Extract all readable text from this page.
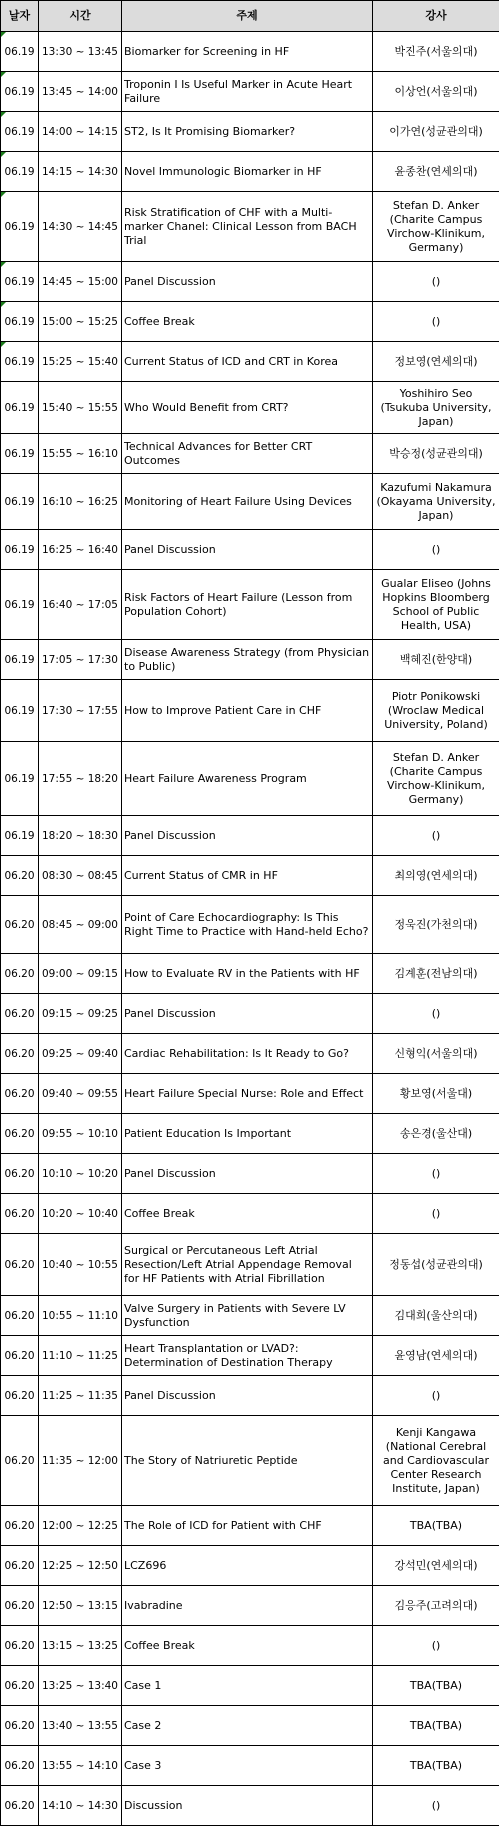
날자	시간	주제	강사

06.19	13:30 ~ 13:45	Biomarker for Screening in HF	박진주(서울의대)

06.19	13:45 ~ 14:00	Troponin I Is Useful Marker in Acute Heart Failure	이상언(서울의대)

06.19	14:00 ~ 14:15	ST2, Is It Promising Biomarker?	이가연(성균관의대)

06.19	14:15 ~ 14:30	Novel Immunologic Biomarker in HF	윤종찬(연세의대)

06.19	14:30 ~ 14:45	Risk Stratification of CHF with a Multi-marker Chanel: Clinical Lesson from BACH Trial	Stefan D. Anker (Charite Campus Virchow-Klinikum, Germany)

06.19	14:45 ~ 15:00	Panel Discussion	()

06.19	15:00 ~ 15:25	Coffee Break	()

06.19	15:25 ~ 15:40	Current Status of ICD and CRT in Korea	정보영(연세의대)
06.19	15:40 ~ 15:55	Who Would Benefit from CRT?	Yoshihiro Seo (Tsukuba University, Japan)
06.19	15:55 ~ 16:10	Technical Advances for Better CRT Outcomes	박승정(성균관의대)
06.19	16:10 ~ 16:25	Monitoring of Heart Failure Using Devices	Kazufumi Nakamura (Okayama University, Japan)
06.19	16:25 ~ 16:40	Panel Discussion	()
06.19	16:40 ~ 17:05	Risk Factors of Heart Failure (Lesson from Population Cohort)	Gualar Eliseo (Johns Hopkins Bloomberg School of Public Health, USA)
06.19	17:05 ~ 17:30	Disease Awareness Strategy (from Physician to Public)	백혜진(한양대)
06.19	17:30 ~ 17:55	How to Improve Patient Care in CHF	Piotr Ponikowski (Wroclaw Medical University, Poland)
06.19	17:55 ~ 18:20	Heart Failure Awareness Program	Stefan D. Anker (Charite Campus Virchow-Klinikum, Germany)
06.19	18:20 ~ 18:30	Panel Discussion	()
06.20	08:30 ~ 08:45	Current Status of CMR in HF	최의영(연세의대)
06.20	08:45 ~ 09:00	Point of Care Echocardiography: Is This Right Time to Practice with Hand-held Echo?	정욱진(가천의대)
06.20	09:00 ~ 09:15	How to Evaluate RV in the Patients with HF	김계훈(전남의대)
06.20	09:15 ~ 09:25	Panel Discussion	()
06.20	09:25 ~ 09:40	Cardiac Rehabilitation: Is It Ready to Go?	신형익(서울의대)
06.20	09:40 ~ 09:55	Heart Failure Special Nurse: Role and Effect	황보영(서울대)
06.20	09:55 ~ 10:10	Patient Education Is Important	송은경(울산대)
06.20	10:10 ~ 10:20	Panel Discussion	()
06.20	10:20 ~ 10:40	Coffee Break	()
06.20	10:40 ~ 10:55	Surgical or Percutaneous Left Atrial Resection/Left Atrial Appendage Removal for HF Patients with Atrial Fibrillation	정동섭(성균관의대)
06.20	10:55 ~ 11:10	Valve Surgery in Patients with Severe LV Dysfunction	김대희(울산의대)
06.20	11:10 ~ 11:25	Heart Transplantation or LVAD?: Determination of Destination Therapy	윤영남(연세의대)
06.20	11:25 ~ 11:35	Panel Discussion	()
06.20	11:35 ~ 12:00	The Story of Natriuretic Peptide	Kenji Kangawa (National Cerebral and Cardiovascular Center Research Institute, Japan)
06.20	12:00 ~ 12:25	The Role of ICD for Patient with CHF	TBA(TBA)
06.20	12:25 ~ 12:50	LCZ696	강석민(연세의대)
06.20	12:50 ~ 13:15	Ivabradine	김응주(고려의대)
06.20	13:15 ~ 13:25	Coffee Break	()
06.20	13:25 ~ 13:40	Case 1	TBA(TBA)
06.20	13:40 ~ 13:55	Case 2	TBA(TBA)
06.20	13:55 ~ 14:10	Case 3	TBA(TBA)
06.20	14:10 ~ 14:30	Discussion	()
